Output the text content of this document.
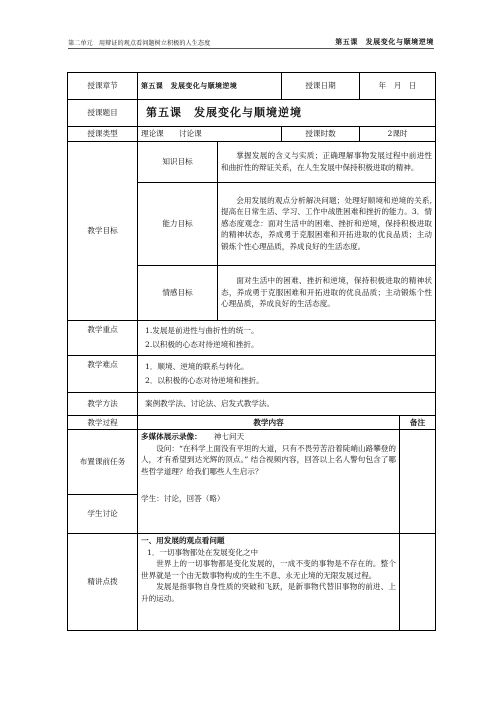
第二单元　用辩证的观点看问题树立积极的人生态度	第五课　发展变化与顺境逆境
授课章节	第五课　发展变化与顺境逆境		授课日期	年　月　日	
授课题目	第五课　发展变化与顺境逆境				
授课类型	理论课　　讨论课		授课时数	2课时	
教学目标	知识目标	掌握发展的含义与实质；正确理解事物发展过程中前进性和曲折性的辩证关系，在人生发展中保持积极进取的精神。			
	能力目标	会用发展的观点分析解决问题；处理好顺境和逆境的关系,提高在日常生活、学习、工作中战胜困难和挫折的能力。3．情感态度观念：面对生活中的困难、挫折和逆境，保持积极进取的精神状态，养成勇于克服困难和开拓进取的优良品质；主动锻炼个性心理品质，养成良好的生活态度。			
	情感目标	面对生活中的困难、挫折和逆境，保持积极进取的精神状态，养成勇于克服困难和开拓进取的优良品质；主动锻炼个性心理品质，养成良好的生活态度。			
教学重点	1.发展是前进性与曲折性的统一。
2.以积极的心态对待逆境和挫折。				

教学难点	1．顺境、逆境的联系与转化。
2．以积极的心态对待逆境和挫折。				

教学方法	案例教学法、讨论法、启发式教学法。				
教学过程	教学内容				备注
布置课前任务	多媒体展示录像： 神七问天
设问：“在科学上面没有平坦的大道，只有不畏劳苦沿着陡峭山路攀登的人，才有希望到达光辉的顶点。” 结合视频内容，回答以上名人警句包含了哪些哲学道理？给我们哪些人生启示？
学生：讨论，回答（略）				

学生讨论					
精讲点拨	一、用发展的观点看问题
1．一切事物都处在发展变化之中
世界上的一切事物都是变化发展的，一成不变的事物是不存在的。整个世界就是一个由无数事物构成的生生不息、永无止境的无限发展过程。
发展是指事物自身性质的突破和飞跃，是新事物代替旧事物的前进、上升的运动。				
